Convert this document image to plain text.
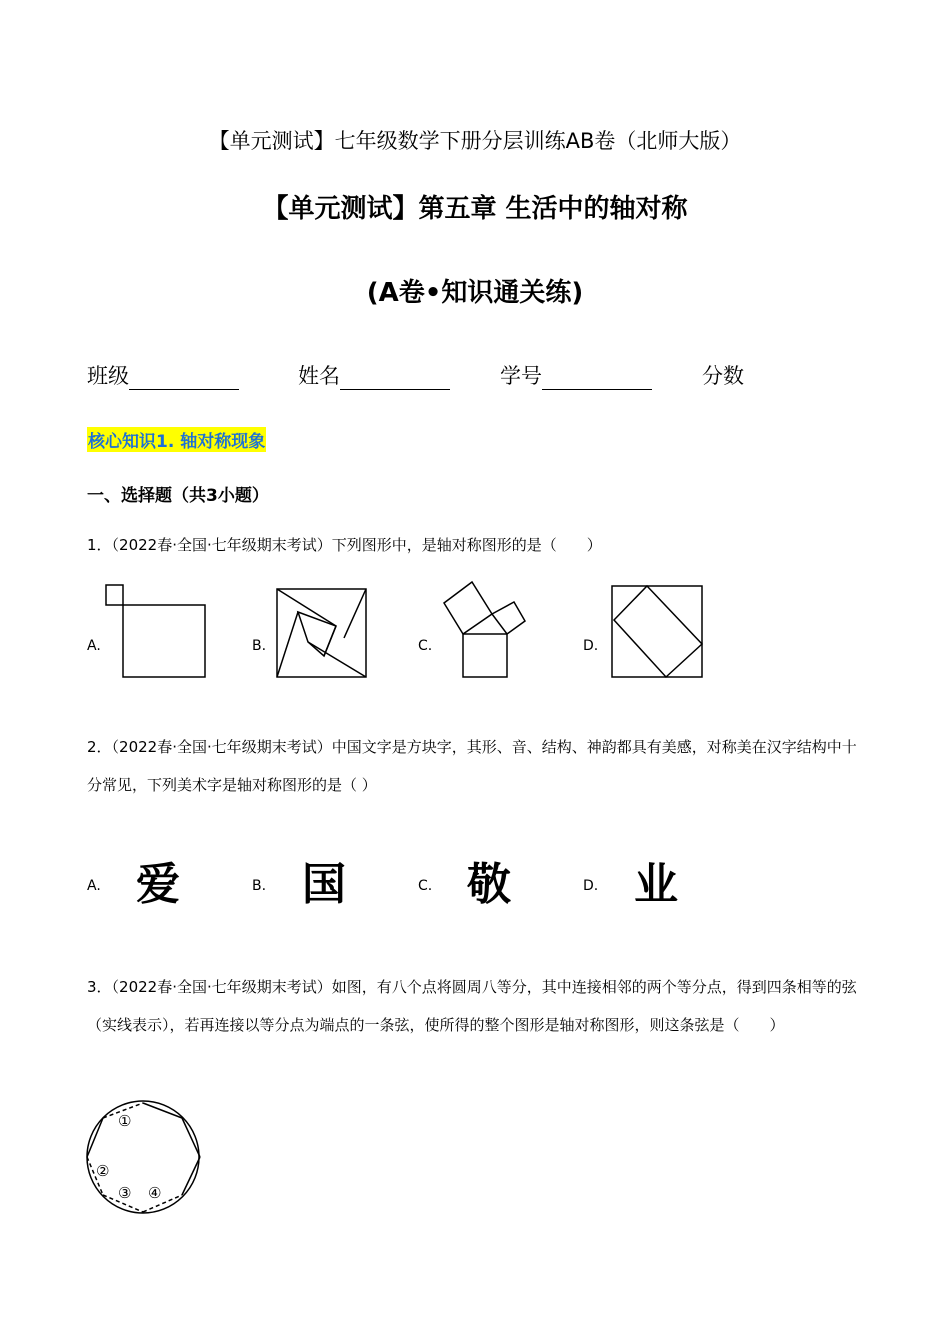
【单元测试】七年级数学下册分层训练AB卷（北师大版）
【单元测试】第五章 生活中的轴对称
(A卷•知识通关练)
班级	姓名	学号	分数
核心知识1. 轴对称现象
一、选择题（共3小题）
1．（2022春·全国·七年级期末考试）下列图形中，是轴对称图形的是（　　）
A.	B.	C.	D.
2．（2022春·全国·七年级期末考试）中国文字是方块字，其形、音、结构、神韵都具有美感，对称美在汉字结构中十分常见，下列美术字是轴对称图形的是（ ）
A. 爱	B. 国	C. 敬	D. 业
3．（2022春·全国·七年级期末考试）如图，有八个点将圆周八等分，其中连接相邻的两个等分点，得到四条相等的弦（实线表示），若再连接以等分点为端点的一条弦，使所得的整个图形是轴对称图形，则这条弦是（　　）
①
②
③ ④
